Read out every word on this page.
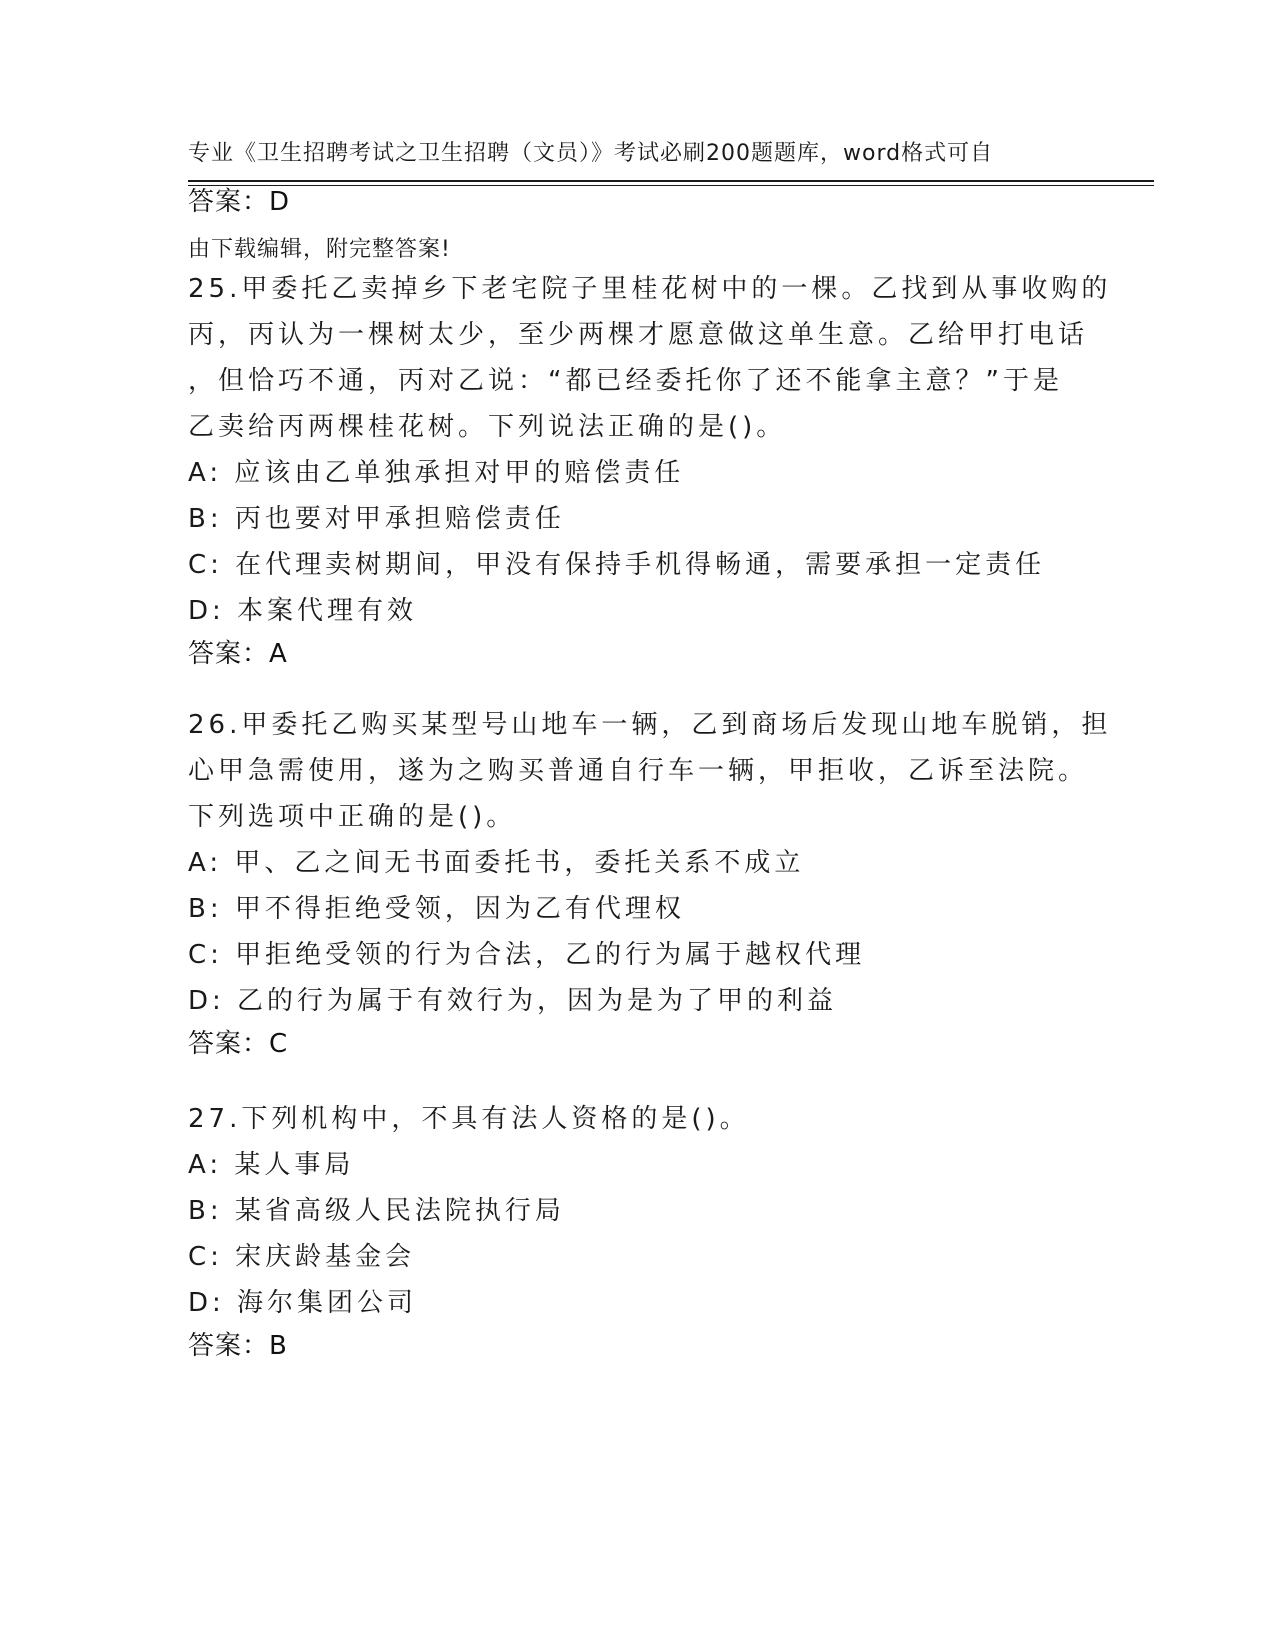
专业《卫生招聘考试之卫生招聘（文员）》考试必刷200题题库，word格式可自

由下载编辑，附完整答案!

答案：D
25.甲委托乙卖掉乡下老宅院子里桂花树中的一棵。乙找到从事收购的
丙，丙认为一棵树太少，至少两棵才愿意做这单生意。乙给甲打电话
，但恰巧不通，丙对乙说：“都已经委托你了还不能拿主意？”于是
乙卖给丙两棵桂花树。下列说法正确的是()。
A: 应该由乙单独承担对甲的赔偿责任
B: 丙也要对甲承担赔偿责任
C: 在代理卖树期间，甲没有保持手机得畅通，需要承担一定责任
D: 本案代理有效
答案：A
26.甲委托乙购买某型号山地车一辆，乙到商场后发现山地车脱销，担
心甲急需使用，遂为之购买普通自行车一辆，甲拒收，乙诉至法院。
下列选项中正确的是()。
A: 甲、乙之间无书面委托书，委托关系不成立
B: 甲不得拒绝受领，因为乙有代理权
C: 甲拒绝受领的行为合法，乙的行为属于越权代理
D: 乙的行为属于有效行为，因为是为了甲的利益
答案：C
27.下列机构中，不具有法人资格的是()。
A: 某人事局
B: 某省高级人民法院执行局
C: 宋庆龄基金会
D: 海尔集团公司
答案：B
